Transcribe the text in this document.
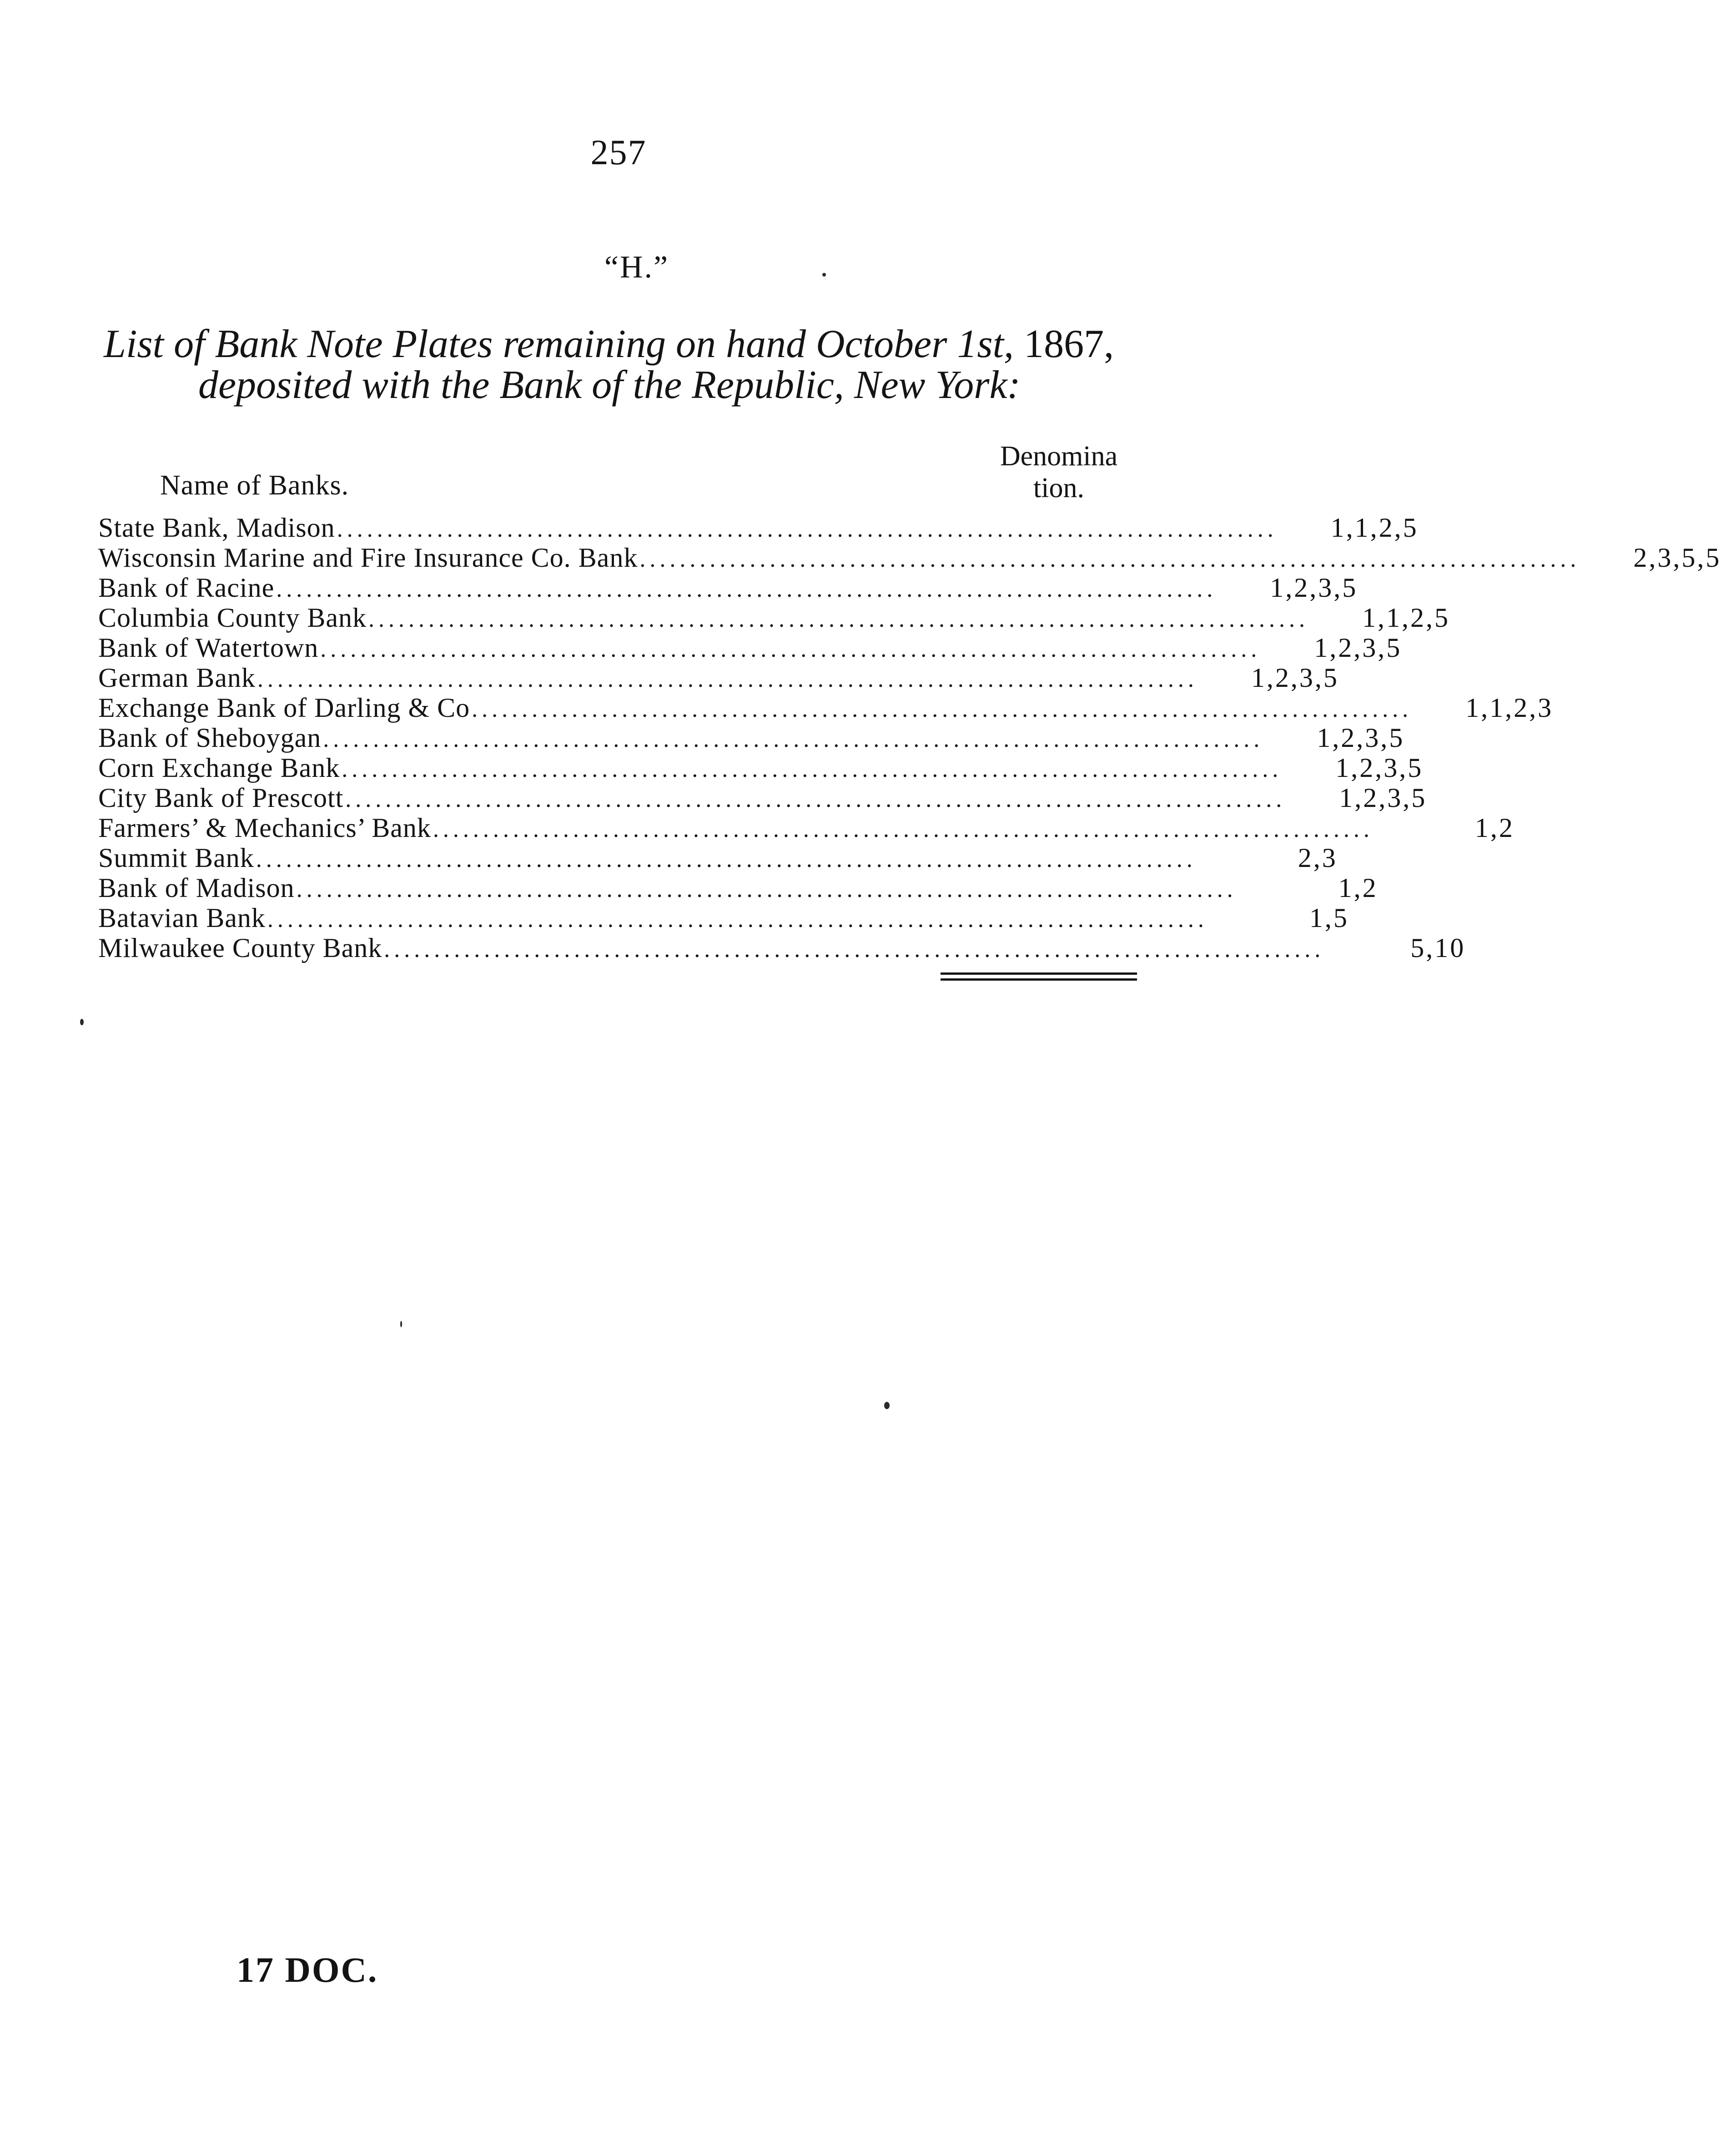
257
“H.”
List of Bank Note Plates remaining on hand October 1st, 1867,
deposited with the Bank of the Republic, New York:
Name of Banks.
Denomina
tion.
State Bank, Madison ..............................................................................................	1,1,2,5
Wisconsin Marine and Fire Insurance Co. Bank ..............................................................................................	2,3,5,5
Bank of Racine ..............................................................................................	1,2,3,5
Columbia County Bank ..............................................................................................	1,1,2,5
Bank of Watertown ..............................................................................................	1,2,3,5
German Bank ..............................................................................................	1,2,3,5
Exchange Bank of Darling & Co ..............................................................................................	1,1,2,3
Bank of Sheboygan ..............................................................................................	1,2,3,5
Corn Exchange Bank ..............................................................................................	1,2,3,5
City Bank of Prescott ..............................................................................................	1,2,3,5
Farmers’ & Mechanics’ Bank ..............................................................................................	1,2
Summit Bank ..............................................................................................	2,3
Bank of Madison ..............................................................................................	1,2
Batavian Bank ..............................................................................................	1,5
Milwaukee County Bank ..............................................................................................	5,10
17 DOC.
